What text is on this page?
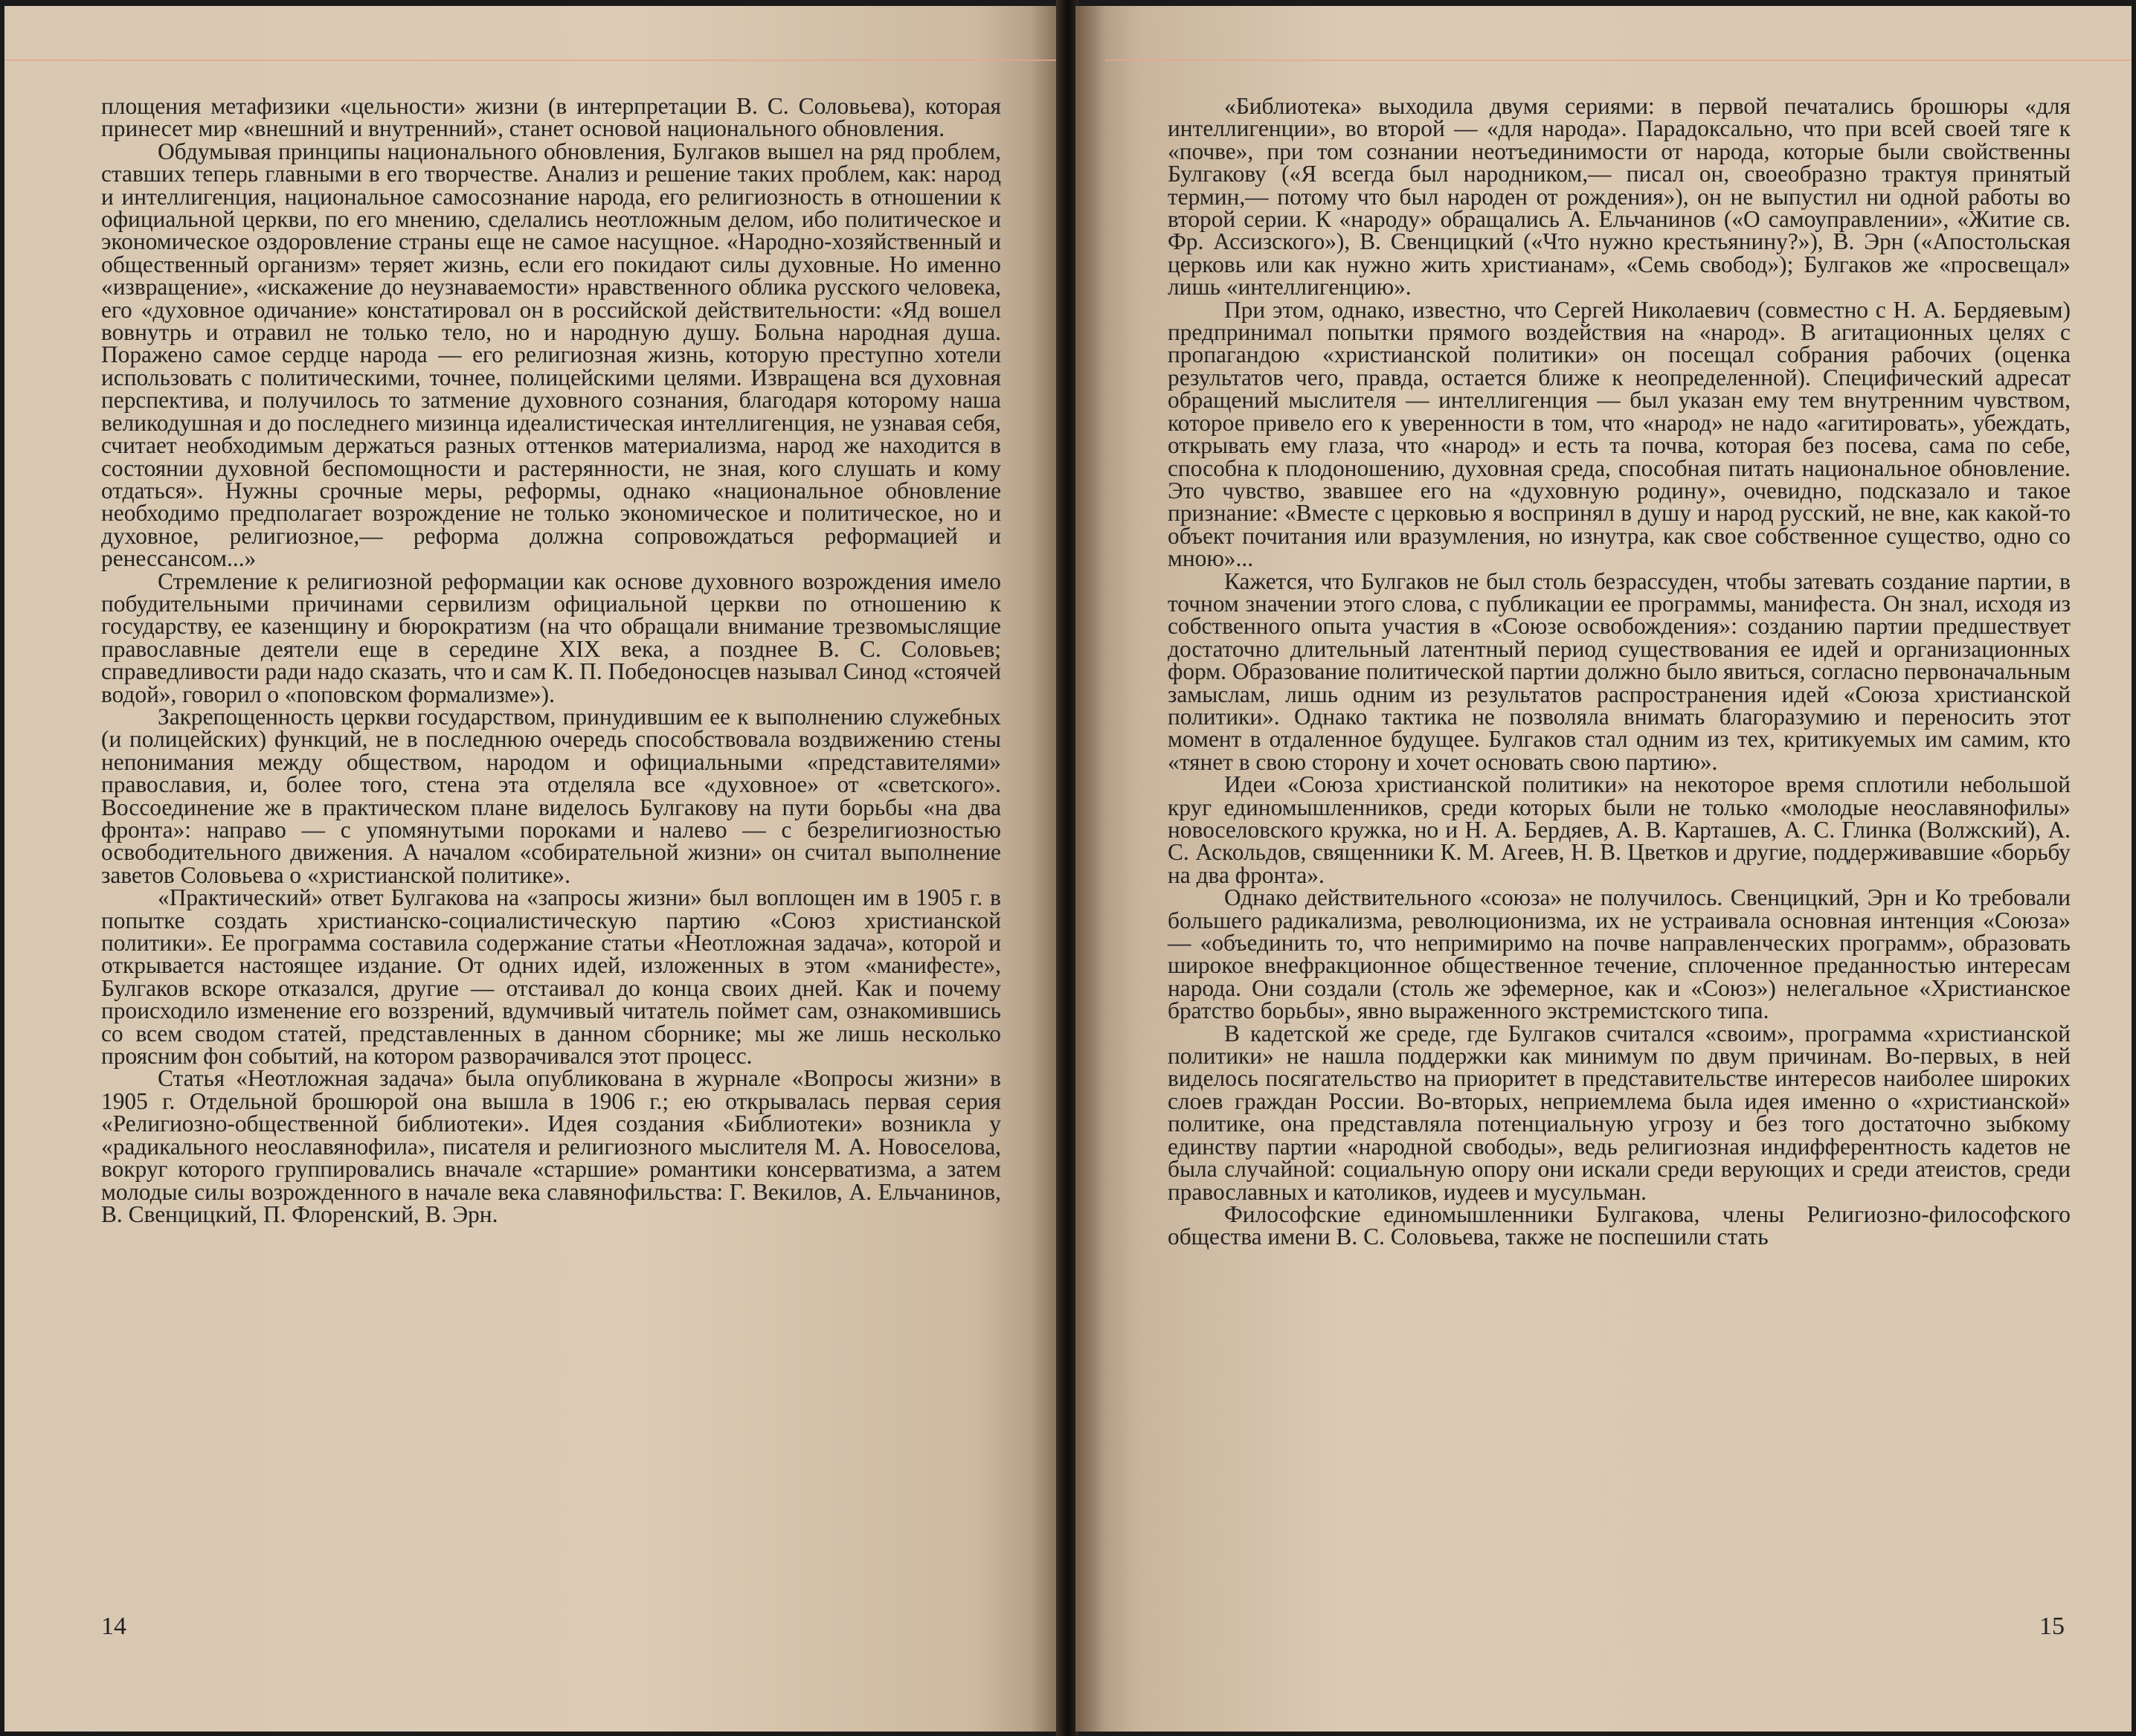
площения метафизики «цельности» жизни (в интерпретации В. С. Соловьева), которая принесет мир «внешний и внутренний», станет основой национального обновления.

Обдумывая принципы национального обновления, Булгаков вышел на ряд проблем, ставших теперь главными в его творчестве. Анализ и решение таких проблем, как: народ и интеллигенция, национальное самосознание народа, его религиозность в отношении к официальной церкви, по его мнению, сделались неотложным делом, ибо политическое и экономическое оздоровление страны еще не самое насущное. «Народно-хозяйственный и общественный организм» теряет жизнь, если его покидают силы духовные. Но именно «извращение», «искажение до неузнаваемости» нравственного облика русского человека, его «духовное одичание» констатировал он в российской действительности: «Яд вошел вовнутрь и отравил не только тело, но и народную душу. Больна народная душа. Поражено самое сердце народа — его религиозная жизнь, которую преступно хотели использовать с политическими, точнее, полицейскими целями. Извращена вся духовная перспектива, и получилось то затмение духовного сознания, благодаря которому наша великодушная и до последнего мизинца идеалистическая интеллигенция, не узнавая себя, считает необходимым держаться разных оттенков материализма, народ же находится в состоянии духовной беспомощности и растерянности, не зная, кого слушать и кому отдаться». Нужны срочные меры, реформы, однако «национальное обновление необходимо предполагает возрождение не только экономическое и политическое, но и духовное, религиозное,— реформа должна сопровождаться реформацией и ренессансом...»

Стремление к религиозной реформации как основе духовного возрождения имело побудительными причинами сервилизм официальной церкви по отношению к государству, ее казенщину и бюрократизм (на что обращали внимание трезвомыслящие православные деятели еще в середине XIX века, а позднее В. С. Соловьев; справедливости ради надо сказать, что и сам К. П. Победоносцев называл Синод «стоячей водой», говорил о «поповском формализме»).

Закрепощенность церкви государством, принудившим ее к выполнению служебных (и полицейских) функций, не в последнюю очередь способствовала воздвижению стены непонимания между обществом, народом и официальными «представителями» православия, и, более того, стена эта отделяла все «духовное» от «светского». Воссоединение же в практическом плане виделось Булгакову на пути борьбы «на два фронта»: направо — с упомянутыми пороками и налево — с безрелигиозностью освободительного движения. А началом «собирательной жизни» он считал выполнение заветов Соловьева о «христианской политике».

«Практический» ответ Булгакова на «запросы жизни» был воплощен им в 1905 г. в попытке создать христианско-социалистическую партию «Союз христианской политики». Ее программа составила содержание статьи «Неотложная задача», которой и открывается настоящее издание. От одних идей, изложенных в этом «манифесте», Булгаков вскоре отказался, другие — отстаивал до конца своих дней. Как и почему происходило изменение его воззрений, вдумчивый читатель поймет сам, ознакомившись со всем сводом статей, представленных в данном сборнике; мы же лишь несколько проясним фон событий, на котором разворачивался этот процесс.

Статья «Неотложная задача» была опубликована в журнале «Вопросы жизни» в 1905 г. Отдельной брошюрой она вышла в 1906 г.; ею открывалась первая серия «Религиозно-общественной библиотеки». Идея создания «Библиотеки» возникла у «радикального неославянофила», писателя и религиозного мыслителя М. А. Новоселова, вокруг которого группировались вначале «старшие» романтики консерватизма, а затем молодые силы возрожденного в начале века славянофильства: Г. Векилов, А. Ельчанинов, В. Свенцицкий, П. Флоренский, В. Эрн.

14

«Библиотека» выходила двумя сериями: в первой печатались брошюры «для интеллигенции», во второй — «для народа». Парадоксально, что при всей своей тяге к «почве», при том сознании неотъединимости от народа, которые были свойственны Булгакову («Я всегда был народником,— писал он, своеобразно трактуя принятый термин,— потому что был народен от рождения»), он не выпустил ни одной работы во второй серии. К «народу» обращались А. Ельчанинов («О самоуправлении», «Житие св. Фр. Ассизского»), В. Свенцицкий («Что нужно крестьянину?»), В. Эрн («Апостольская церковь или как нужно жить христианам», «Семь свобод»); Булгаков же «просвещал» лишь «интеллигенцию».

При этом, однако, известно, что Сергей Николаевич (совместно с Н. А. Бердяевым) предпринимал попытки прямого воздействия на «народ». В агитационных целях с пропагандою «христианской политики» он посещал собрания рабочих (оценка результатов чего, правда, остается ближе к неопределенной). Специфический адресат обращений мыслителя — интеллигенция — был указан ему тем внутренним чувством, которое привело его к уверенности в том, что «народ» не надо «агитировать», убеждать, открывать ему глаза, что «народ» и есть та почва, которая без посева, сама по себе, способна к плодоношению, духовная среда, способная питать национальное обновление. Это чувство, звавшее его на «духовную родину», очевидно, подсказало и такое признание: «Вместе с церковью я воспринял в душу и народ русский, не вне, как какой-то объект почитания или вразумления, но изнутра, как свое собственное существо, одно со мною»...

Кажется, что Булгаков не был столь безрассуден, чтобы затевать создание партии, в точном значении этого слова, с публикации ее программы, манифеста. Он знал, исходя из собственного опыта участия в «Союзе освобождения»: созданию партии предшествует достаточно длительный латентный период существования ее идей и организационных форм. Образование политической партии должно было явиться, согласно первоначальным замыслам, лишь одним из результатов распространения идей «Союза христианской политики». Однако тактика не позволяла внимать благоразумию и переносить этот момент в отдаленное будущее. Булгаков стал одним из тех, критикуемых им самим, кто «тянет в свою сторону и хочет основать свою партию».

Идеи «Союза христианской политики» на некоторое время сплотили небольшой круг единомышленников, среди которых были не только «молодые неославянофилы» новоселовского кружка, но и Н. А. Бердяев, А. В. Карташев, А. С. Глинка (Волжский), А. С. Аскольдов, священники К. М. Агеев, Н. В. Цветков и другие, поддерживавшие «борьбу на два фронта».

Однако действительного «союза» не получилось. Свенцицкий, Эрн и Ко требовали большего радикализма, революционизма, их не устраивала основная интенция «Союза» — «объединить то, что непримиримо на почве направленческих программ», образовать широкое внефракционное общественное течение, сплоченное преданностью интересам народа. Они создали (столь же эфемерное, как и «Союз») нелегальное «Христианское братство борьбы», явно выраженного экстремистского типа.

В кадетской же среде, где Булгаков считался «своим», программа «христианской политики» не нашла поддержки как минимум по двум причинам. Во-первых, в ней виделось посягательство на приоритет в представительстве интересов наиболее широких слоев граждан России. Во-вторых, неприемлема была идея именно о «христианской» политике, она представляла потенциальную угрозу и без того достаточно зыбкому единству партии «народной свободы», ведь религиозная индифферентность кадетов не была случайной: социальную опору они искали среди верующих и среди атеистов, среди православных и католиков, иудеев и мусульман.

Философские единомышленники Булгакова, члены Религиозно-философского общества имени В. С. Соловьева, также не поспешили стать

15
